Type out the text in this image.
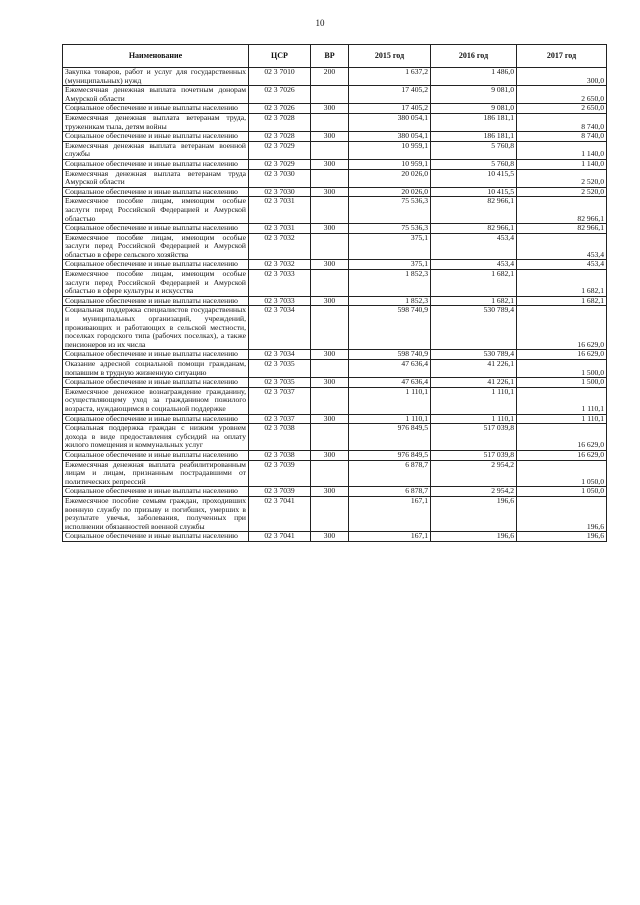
10
Наименование	ЦСР	ВР	2015 год	2016 год	2017 год
Закупка товаров, работ и услуг для государственных (муниципальных) нужд	02 3 7010	200	1 637,2	1 486,0	300,0
Ежемесячная денежная выплата почетным донорам Амурской области	02 3 7026		17 405,2	9 081,0	2 650,0
Социальное обеспечение и иные выплаты населению	02 3 7026	300	17 405,2	9 081,0	2 650,0
Ежемесячная денежная выплата ветеранам труда, труженикам тыла, детям войны	02 3 7028		380 054,1	186 181,1	8 740,0
Социальное обеспечение и иные выплаты населению	02 3 7028	300	380 054,1	186 181,1	8 740,0
Ежемесячная денежная выплата ветеранам военной службы	02 3 7029		10 959,1	5 760,8	1 140,0
Социальное обеспечение и иные выплаты населению	02 3 7029	300	10 959,1	5 760,8	1 140,0
Ежемесячная денежная выплата ветеранам труда Амурской области	02 3 7030		20 026,0	10 415,5	2 520,0
Социальное обеспечение и иные выплаты населению	02 3 7030	300	20 026,0	10 415,5	2 520,0
Ежемесячное пособие лицам, имеющим особые заслуги перед Российской Федерацией и Амурской областью	02 3 7031		75 536,3	82 966,1	82 966,1
Социальное обеспечение и иные выплаты населению	02 3 7031	300	75 536,3	82 966,1	82 966,1
Ежемесячное пособие лицам, имеющим особые заслуги перед Российской Федерацией и Амурской областью в сфере сельского хозяйства	02 3 7032		375,1	453,4	453,4
Социальное обеспечение и иные выплаты населению	02 3 7032	300	375,1	453,4	453,4
Ежемесячное пособие лицам, имеющим особые заслуги перед Российской Федерацией и Амурской областью в сфере культуры и искусства	02 3 7033		1 852,3	1 682,1	1 682,1
Социальное обеспечение и иные выплаты населению	02 3 7033	300	1 852,3	1 682,1	1 682,1
Социальная поддержка специалистов государственных и муниципальных организаций, учреждений, проживающих и работающих в сельской местности, поселках городского типа (рабочих поселках), а также пенсионеров из их числа	02 3 7034		598 740,9	530 789,4	16 629,0
Социальное обеспечение и иные выплаты населению	02 3 7034	300	598 740,9	530 789,4	16 629,0
Оказание адресной социальной помощи гражданам, попавшим в трудную жизненную ситуацию	02 3 7035		47 636,4	41 226,1	1 500,0
Социальное обеспечение и иные выплаты населению	02 3 7035	300	47 636,4	41 226,1	1 500,0
Ежемесячное денежное вознаграждение гражданину, осуществляющему уход за гражданином пожилого возраста, нуждающимся в социальной поддержке	02 3 7037		1 110,1	1 110,1	1 110,1
Социальное обеспечение и иные выплаты населению	02 3 7037	300	1 110,1	1 110,1	1 110,1
Социальная поддержка граждан с низким уровнем дохода в виде предоставления субсидий на оплату жилого помещения и коммунальных услуг	02 3 7038		976 849,5	517 039,8	16 629,0
Социальное обеспечение и иные выплаты населению	02 3 7038	300	976 849,5	517 039,8	16 629,0
Ежемесячная денежная выплата реабилитированным лицам и лицам, признанным пострадавшими от политических репрессий	02 3 7039		6 878,7	2 954,2	1 050,0
Социальное обеспечение и иные выплаты населению	02 3 7039	300	6 878,7	2 954,2	1 050,0
Ежемесячное пособие семьям граждан, проходивших военную службу по призыву и погибших, умерших в результате увечья, заболевания, полученных при исполнении обязанностей военной службы	02 3 7041		167,1	196,6	196,6
Социальное обеспечение и иные выплаты населению	02 3 7041	300	167,1	196,6	196,6
